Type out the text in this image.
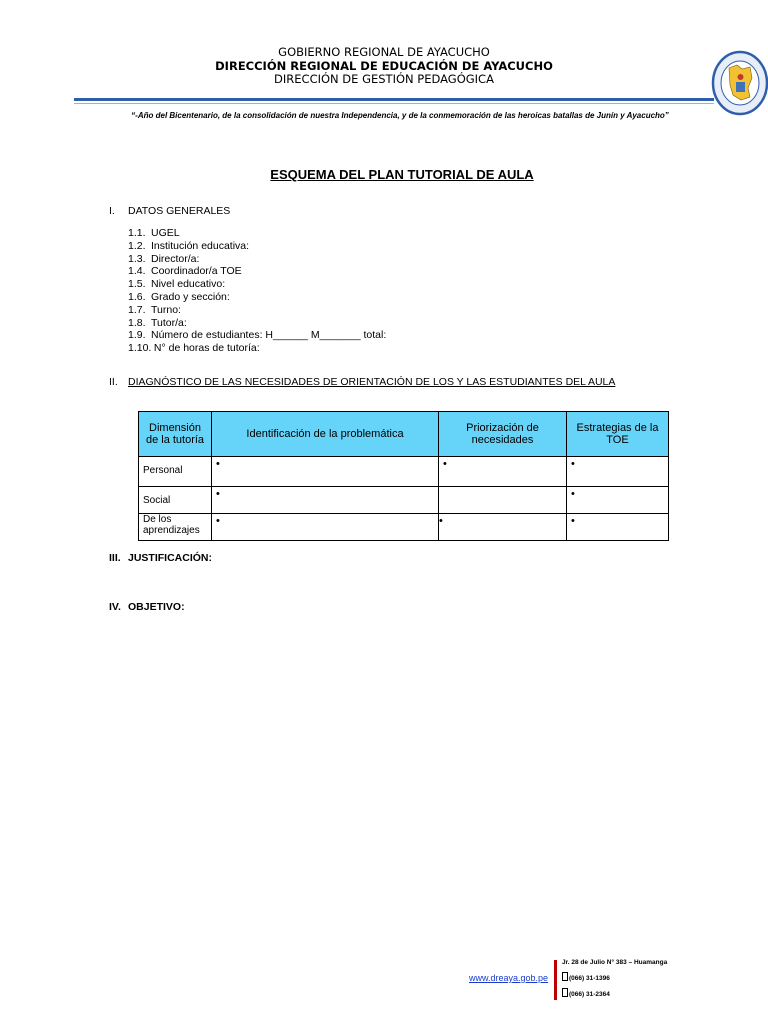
GOBIERNO REGIONAL DE AYACUCHO
DIRECCIÓN REGIONAL DE EDUCACIÓN DE AYACUCHO
DIRECCIÓN DE GESTIÓN PEDAGÓGICA
“-Año del Bicentenario, de la consolidación de nuestra Independencia, y de la conmemoración de las heroicas batallas de Junín y Ayacucho”
ESQUEMA DEL PLAN TUTORIAL DE AULA
I. DATOS GENERALES
1.1. UGEL
1.2. Institución educativa:
1.3. Director/a:
1.4. Coordinador/a TOE
1.5. Nivel educativo:
1.6. Grado y sección:
1.7. Turno:
1.8. Tutor/a:
1.9. Número de estudiantes: H______ M_______ total:
1.10. N° de horas de tutoría:
II. DIAGNÓSTICO DE LAS NECESIDADES DE ORIENTACIÓN DE LOS Y LAS ESTUDIANTES DEL AULA
Dimensión de la tutoría	Identificación de la problemática	Priorización de necesidades	Estrategias de la TOE

Personal	•	•	•

Social	•		•

De los aprendizajes	•	•	•
III. JUSTIFICACIÓN:
IV. OBJETIVO:
www.dreaya.gob.pe
Jr. 28 de Julio N° 383 – Huamanga
(066) 31-1396
(066) 31-2364
